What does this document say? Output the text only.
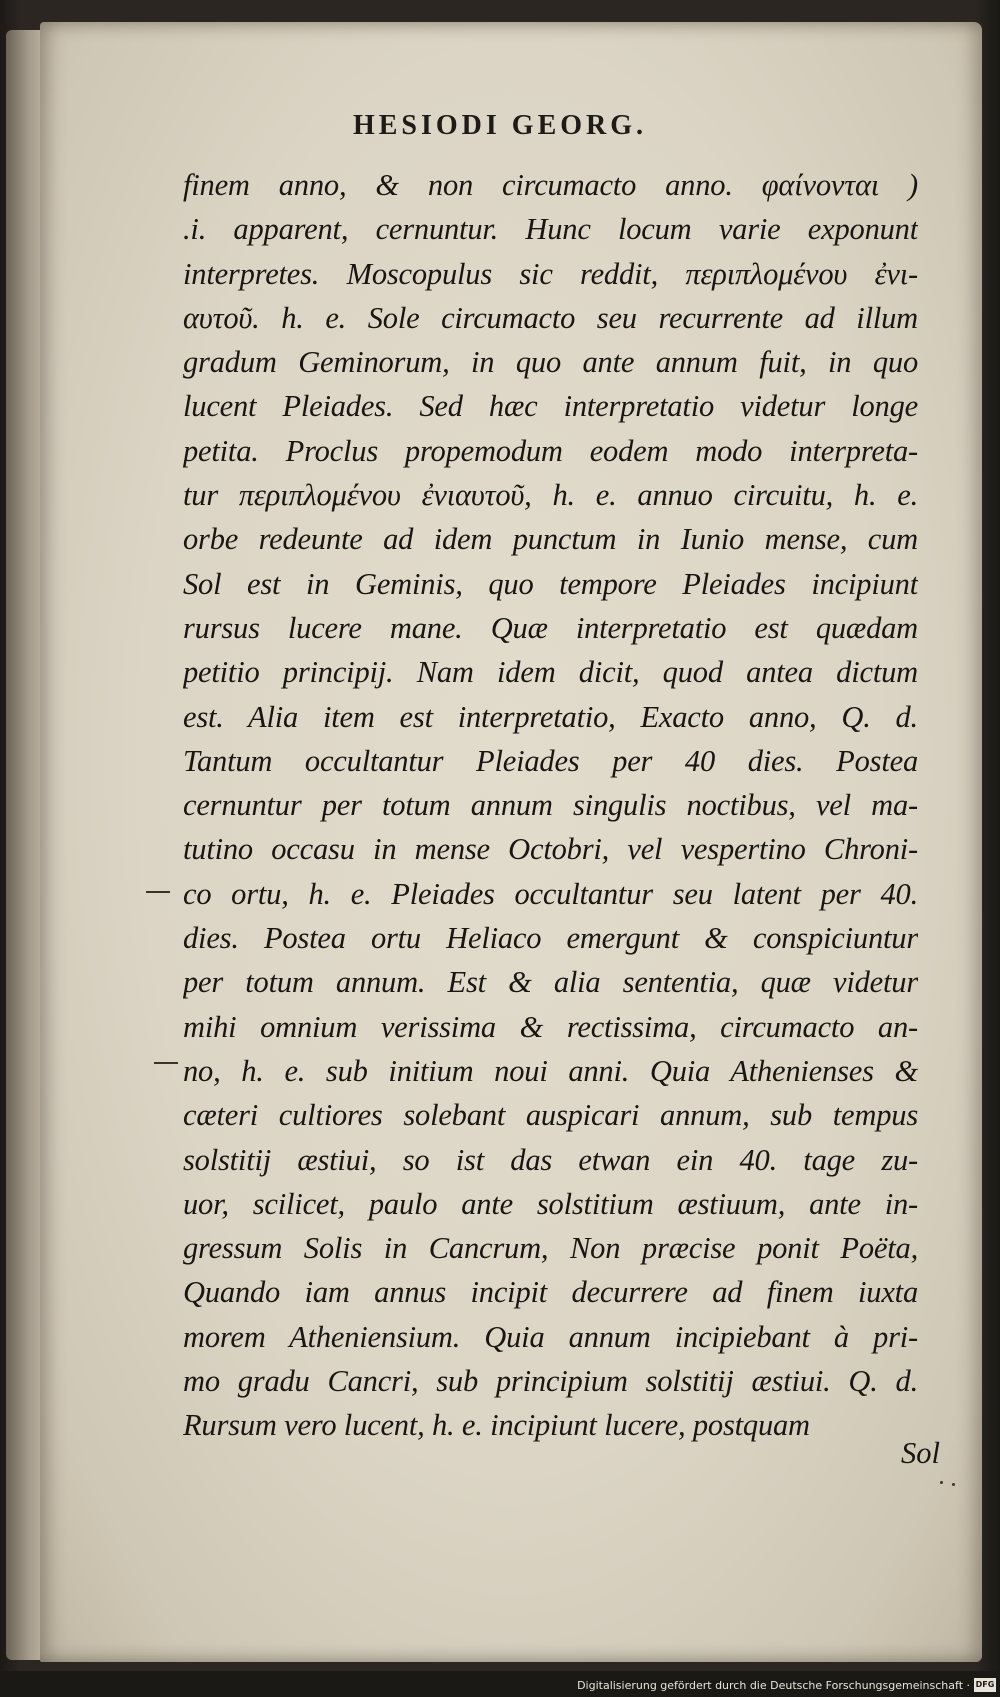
HESIODI GEORG.
finem anno, & non circumacto anno. φαίνονται )
.i. apparent, cernuntur. Hunc locum varie exponunt
interpretes. Moscopulus sic reddit, περιπλομένου ἐνι-
αυτοῦ. h. e. Sole circumacto seu recurrente ad illum
gradum Geminorum, in quo ante annum fuit, in quo
lucent Pleiades. Sed hæc interpretatio videtur longe
petita. Proclus propemodum eodem modo interpreta-
tur περιπλομένου ἐνιαυτοῦ, h. e. annuo circuitu, h. e.
orbe redeunte ad idem punctum in Iunio mense, cum
Sol est in Geminis, quo tempore Pleiades incipiunt
rursus lucere mane. Quæ interpretatio est quædam
petitio principij. Nam idem dicit, quod antea dictum
est. Alia item est interpretatio, Exacto anno, Q. d.
Tantum occultantur Pleiades per 40 dies. Postea
cernuntur per totum annum singulis noctibus, vel ma-
tutino occasu in mense Octobri, vel vespertino Chroni-
co ortu, h. e. Pleiades occultantur seu latent per 40.
dies. Postea ortu Heliaco emergunt & conspiciuntur
per totum annum. Est & alia sententia, quæ videtur
mihi omnium verissima & rectissima, circumacto an-
no, h. e. sub initium noui anni. Quia Athenienses &
cæteri cultiores solebant auspicari annum, sub tempus
solstitij æstiui, so ist das etwan ein 40. tage zu-
uor, scilicet, paulo ante solstitium æstiuum, ante in-
gressum Solis in Cancrum, Non præcise ponit Poëta,
Quando iam annus incipit decurrere ad finem iuxta
morem Atheniensium. Quia annum incipiebant à pri-
mo gradu Cancri, sub principium solstitij æstiui. Q. d.
Rursum vero lucent, h. e. incipiunt lucere, postquam

Sol

Digitalisierung gefördert durch die Deutsche Forschungsgemeinschaft · DFG
